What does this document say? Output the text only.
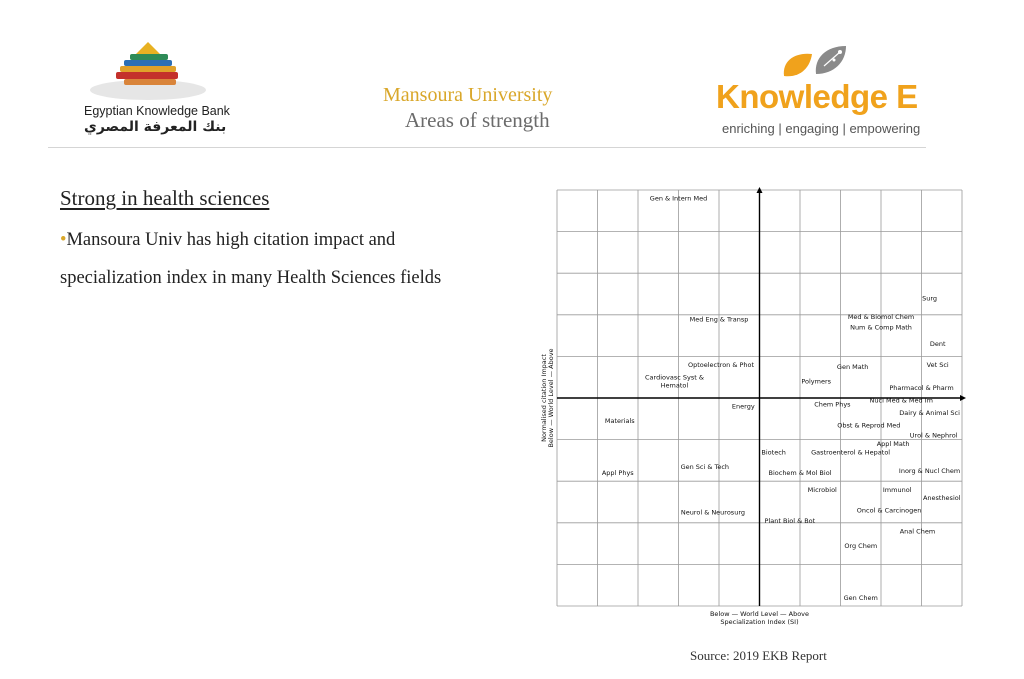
Egyptian Knowledge Bank
بنك المعرفة المصري
Mansoura University
Areas of strength
Knowledge E
enriching | engaging | empowering
Strong in health sciences
•Mansoura Univ has high citation impact and
specialization index in many Health Sciences fields
Gen & Intern Med
Surg
Med Eng & Transp	Med & Biomol Chem
Num & Comp Math
Dent
Optoelectron & Phot	Vet Sci
Gen Math
Cardiovasc Syst & Hematol	Polymers
Pharmacol & Pharm
Nucl Med & Med Im
Chem Phys
Energy
Dairy & Animal Sci
Materials
Obst & Reprod Med
Urol & Nephrol
Appl Math
Biotech	Gastroenterol & Hepatol
Gen Sci & Tech
Appl Phys	Biochem & Mol Biol	Inorg & Nucl Chem
Microbiol	Immunol
Anesthesiol
Neurol & Neurosurg	Oncol & Carcinogen
Plant Biol & Bot
Anal Chem
Org Chem
Gen Chem
Below — World Level — Above
Specialization Index (SI)
Normalised citation Impact Below — World Level — Above
Source: 2019 EKB Report
